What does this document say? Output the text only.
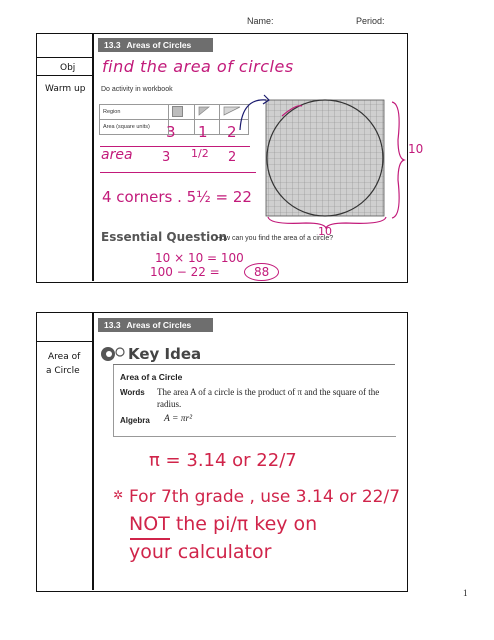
Name:	Period:
13.3 Areas of Circles
Obj
Warm up
find the area of circles
Do activity in workbook
Region			
Area (square units)			3 1 2
area 3 1/2 2
4 corners . 5½ = 22
10
10
Essential Question
How can you find the area of a circle?
10 × 10 = 100
100 − 22 =	88
13.3 Areas of Circles
Area of
a Circle
Key Idea
Area of a Circle
Words The area A of a circle is the product of π and the square of the radius.
Algebra A = πr²
π = 3.14 or 22/7
✲ For 7th grade , use 3.14 or 22/7
NOT the pi/π key on
your calculator
1
